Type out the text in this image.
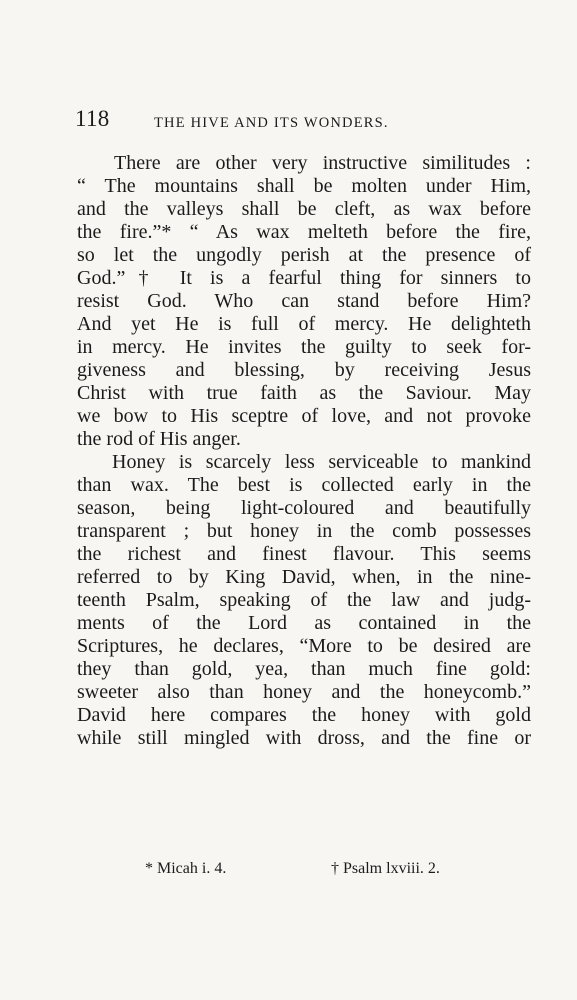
118	THE HIVE AND ITS WONDERS.
There are other very instructive similitudes :
“ The mountains shall be molten under Him,
and the valleys shall be cleft, as wax before
the fire.”* “ As wax melteth before the fire,
so let the ungodly perish at the presence of
God.”† It is a fearful thing for sinners to
resist God. Who can stand before Him?
And yet He is full of mercy. He delighteth
in mercy. He invites the guilty to seek for-
giveness and blessing, by receiving Jesus
Christ with true faith as the Saviour. May
we bow to His sceptre of love, and not provoke
the rod of His anger.
Honey is scarcely less serviceable to mankind
than wax. The best is collected early in the
season, being light-coloured and beautifully
transparent ; but honey in the comb possesses
the richest and finest flavour. This seems
referred to by King David, when, in the nine-
teenth Psalm, speaking of the law and judg-
ments of the Lord as contained in the
Scriptures, he declares, “More to be desired are
they than gold, yea, than much fine gold:
sweeter also than honey and the honeycomb.”
David here compares the honey with gold
while still mingled with dross, and the fine or
* Micah i. 4.	† Psalm lxviii. 2.
